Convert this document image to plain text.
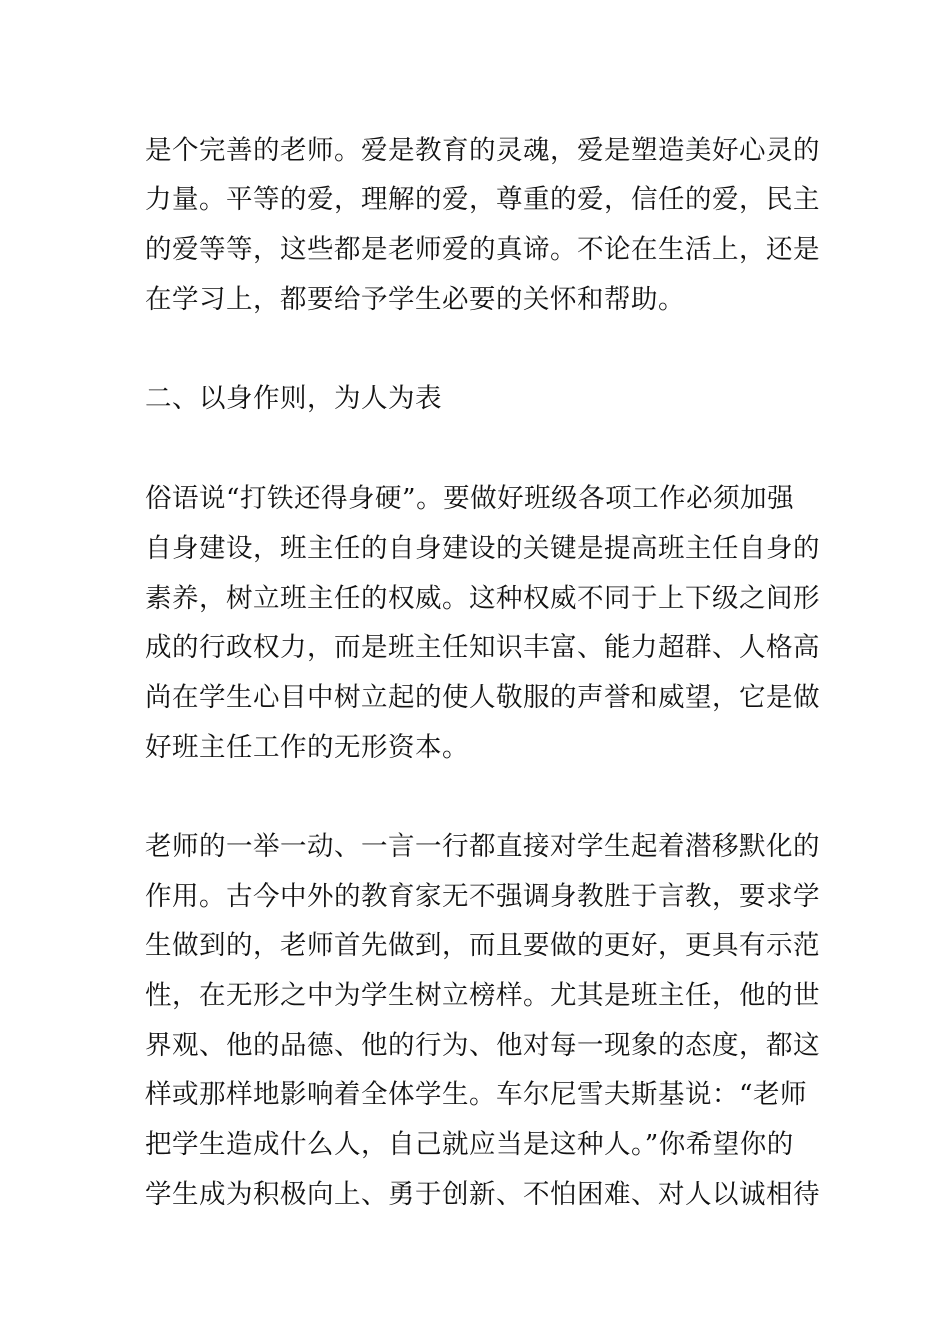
是个完善的老师。爱是教育的灵魂，爱是塑造美好心灵的
力量。平等的爱，理解的爱，尊重的爱，信任的爱，民主
的爱等等，这些都是老师爱的真谛。不论在生活上，还是
在学习上，都要给予学生必要的关怀和帮助。
二、以身作则，为人为表
俗语说“打铁还得身硬”。要做好班级各项工作必须加强
自身建设，班主任的自身建设的关键是提高班主任自身的
素养，树立班主任的权威。这种权威不同于上下级之间形
成的行政权力，而是班主任知识丰富、能力超群、人格高
尚在学生心目中树立起的使人敬服的声誉和威望，它是做
好班主任工作的无形资本。
老师的一举一动、一言一行都直接对学生起着潜移默化的
作用。古今中外的教育家无不强调身教胜于言教，要求学
生做到的，老师首先做到，而且要做的更好，更具有示范
性，在无形之中为学生树立榜样。尤其是班主任，他的世
界观、他的品德、他的行为、他对每一现象的态度，都这
样或那样地影响着全体学生。车尔尼雪夫斯基说：“老师
把学生造成什么人，自己就应当是这种人。”你希望你的
学生成为积极向上、勇于创新、不怕困难、对人以诚相待
